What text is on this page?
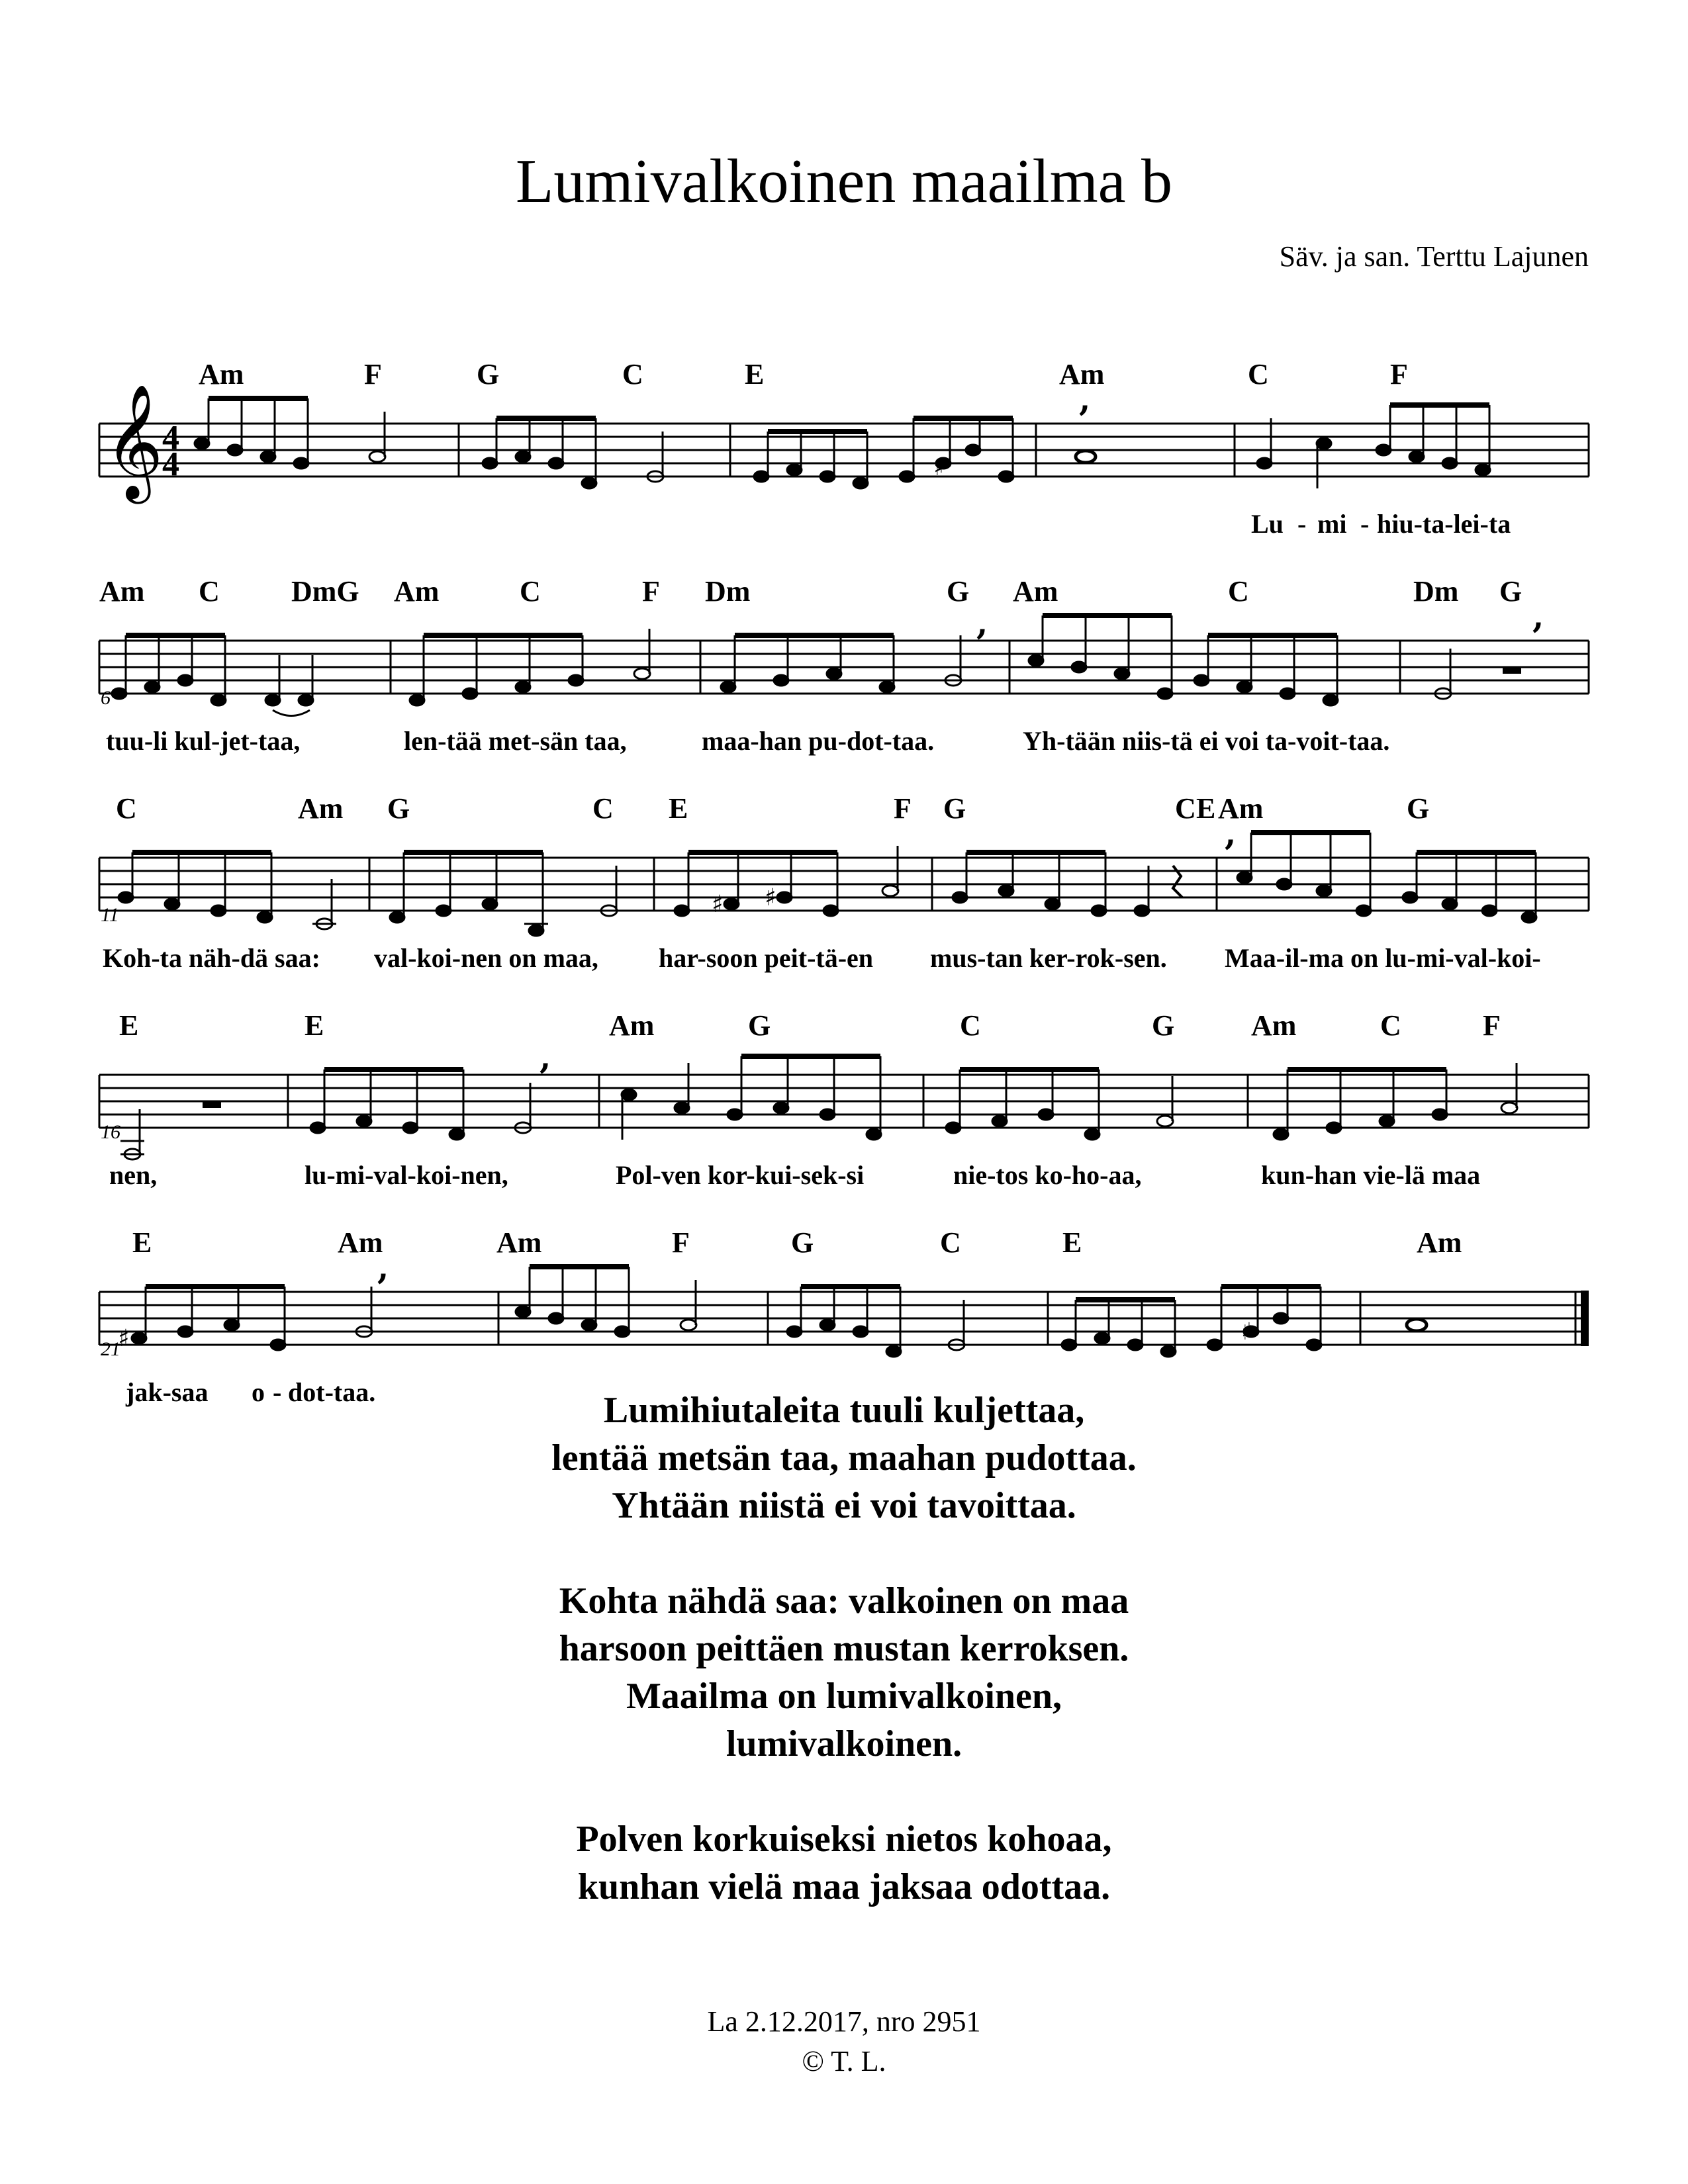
Lumivalkoinen maailma b
Säv. ja san. Terttu Lajunen
Am	F	G	C	E	Am	C	F
𝄞
4
4	♯
,
Lu - mi - hiu-ta-lei-ta
Am C DmG Am	C	F Dm	G Am	C	Dm G
,	,
6
tuu-li kul-jet-taa,	len-tää met-sän taa,	maa-han pu-dot-taa.	Yh-tään niis-tä ei voi ta-voit-taa.
C	Am G	C E	F G	C E Am	G
♯ ♯
,
11
Koh-ta näh-dä saa: val-koi-nen on maa, har-soon peit-tä-en mus-tan ker-rok-sen. Maa-il-ma on lu-mi-val-koi-
E	E	Am	G	C	G	Am	C	F
,
16
nen,	lu-mi-val-koi-nen,	Pol-ven kor-kui-sek-si	nie-tos ko-ho-aa,	kun-han vie-lä maa
E	Am	Am	F	G	C	E	Am
♯	♯
,
21
jak-saa o - dot-taa.	Lumihiutaleita tuuli kuljettaa,
lentää metsän taa, maahan pudottaa.
Yhtään niistä ei voi tavoittaa.
Kohta nähdä saa: valkoinen on maa
harsoon peittäen mustan kerroksen.
Maailma on lumivalkoinen,
lumivalkoinen.
Polven korkuiseksi nietos kohoaa,
kunhan vielä maa jaksaa odottaa.
La 2.12.2017, nro 2951
© T. L.
